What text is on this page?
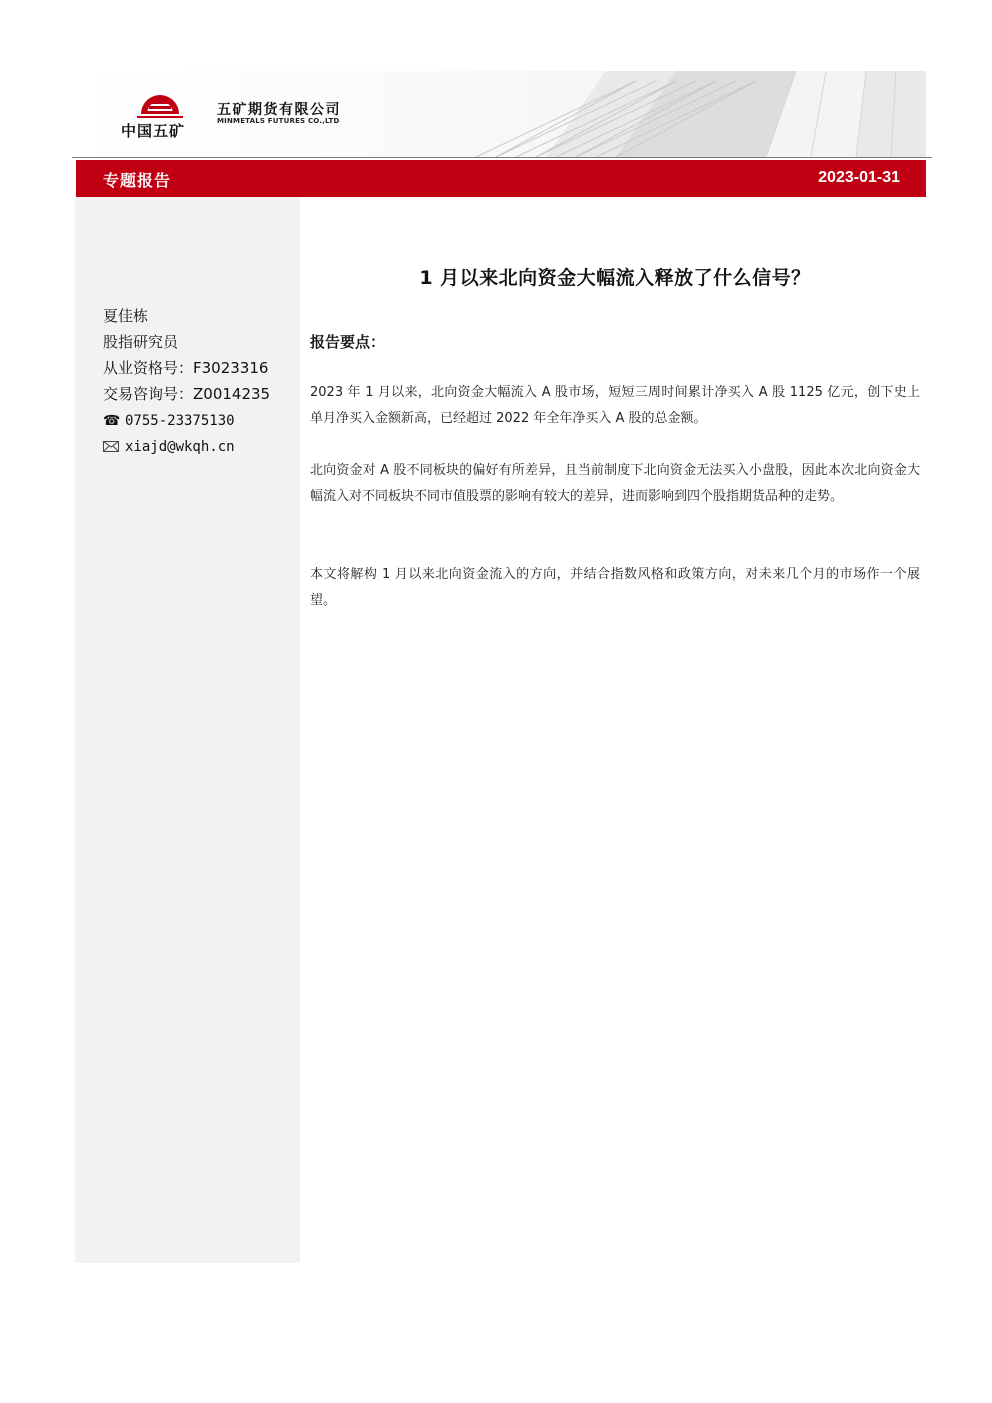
中国五矿
五矿期货有限公司
MINMETALS FUTURES CO.,LTD
专题报告	2023-01-31
夏佳栋
股指研究员
从业资格号：F3023316
交易咨询号：Z0014235
☎ 0755-23375130
xiajd@wkqh.cn
1 月以来北向资金大幅流入释放了什么信号？
报告要点：

2023 年 1 月以来，北向资金大幅流入 A 股市场，短短三周时间累计净买入 A 股 1125 亿元，创下史上单月净买入金额新高，已经超过 2022 年全年净买入 A 股的总金额。

北向资金对 A 股不同板块的偏好有所差异，且当前制度下北向资金无法买入小盘股，因此本次北向资金大幅流入对不同板块不同市值股票的影响有较大的差异，进而影响到四个股指期货品种的走势。

本文将解构 1 月以来北向资金流入的方向，并结合指数风格和政策方向，对未来几个月的市场作一个展望。
